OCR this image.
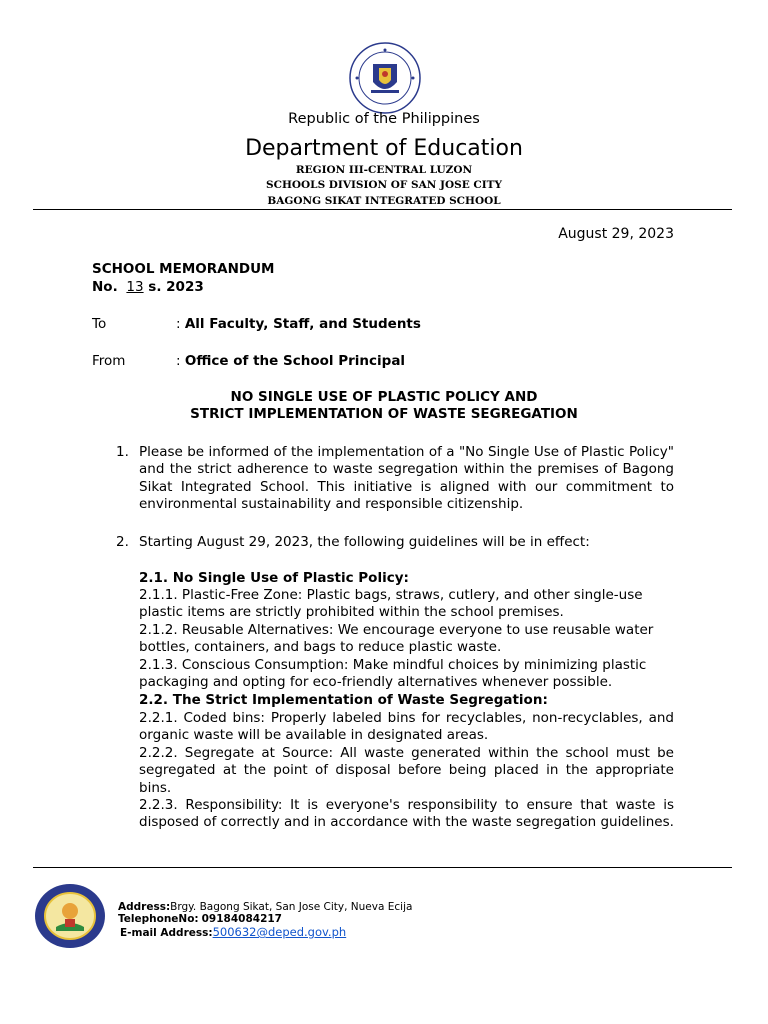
Republic of the Philippines
Department of Education
REGION III-CENTRAL LUZON
SCHOOLS DIVISION OF SAN JOSE CITY
BAGONG SIKAT INTEGRATED SCHOOL
August 29, 2023
SCHOOL MEMORANDUM
No. 13 s. 2023
To	: All Faculty, Staff, and Students
From	: Office of the School Principal
NO SINGLE USE OF PLASTIC POLICY AND
STRICT IMPLEMENTATION OF WASTE SEGREGATION
1. Please be informed of the implementation of a "No Single Use of Plastic Policy" and the strict adherence to waste segregation within the premises of Bagong Sikat Integrated School. This initiative is aligned with our commitment to environmental sustainability and responsible citizenship.
2. Starting August 29, 2023, the following guidelines will be in effect:
2.1. No Single Use of Plastic Policy:
2.1.1. Plastic-Free Zone: Plastic bags, straws, cutlery, and other single-use plastic items are strictly prohibited within the school premises.
2.1.2. Reusable Alternatives: We encourage everyone to use reusable water bottles, containers, and bags to reduce plastic waste.
2.1.3. Conscious Consumption: Make mindful choices by minimizing plastic packaging and opting for eco-friendly alternatives whenever possible.
2.2. The Strict Implementation of Waste Segregation:
2.2.1. Coded bins: Properly labeled bins for recyclables, non-recyclables, and organic waste will be available in designated areas.
2.2.2. Segregate at Source: All waste generated within the school must be segregated at the point of disposal before being placed in the appropriate bins.
2.2.3. Responsibility: It is everyone's responsibility to ensure that waste is disposed of correctly and in accordance with the waste segregation guidelines.
Address:Brgy. Bagong Sikat, San Jose City, Nueva Ecija
TelephoneNo: 09184084217
E-mail Address:500632@deped.gov.ph
